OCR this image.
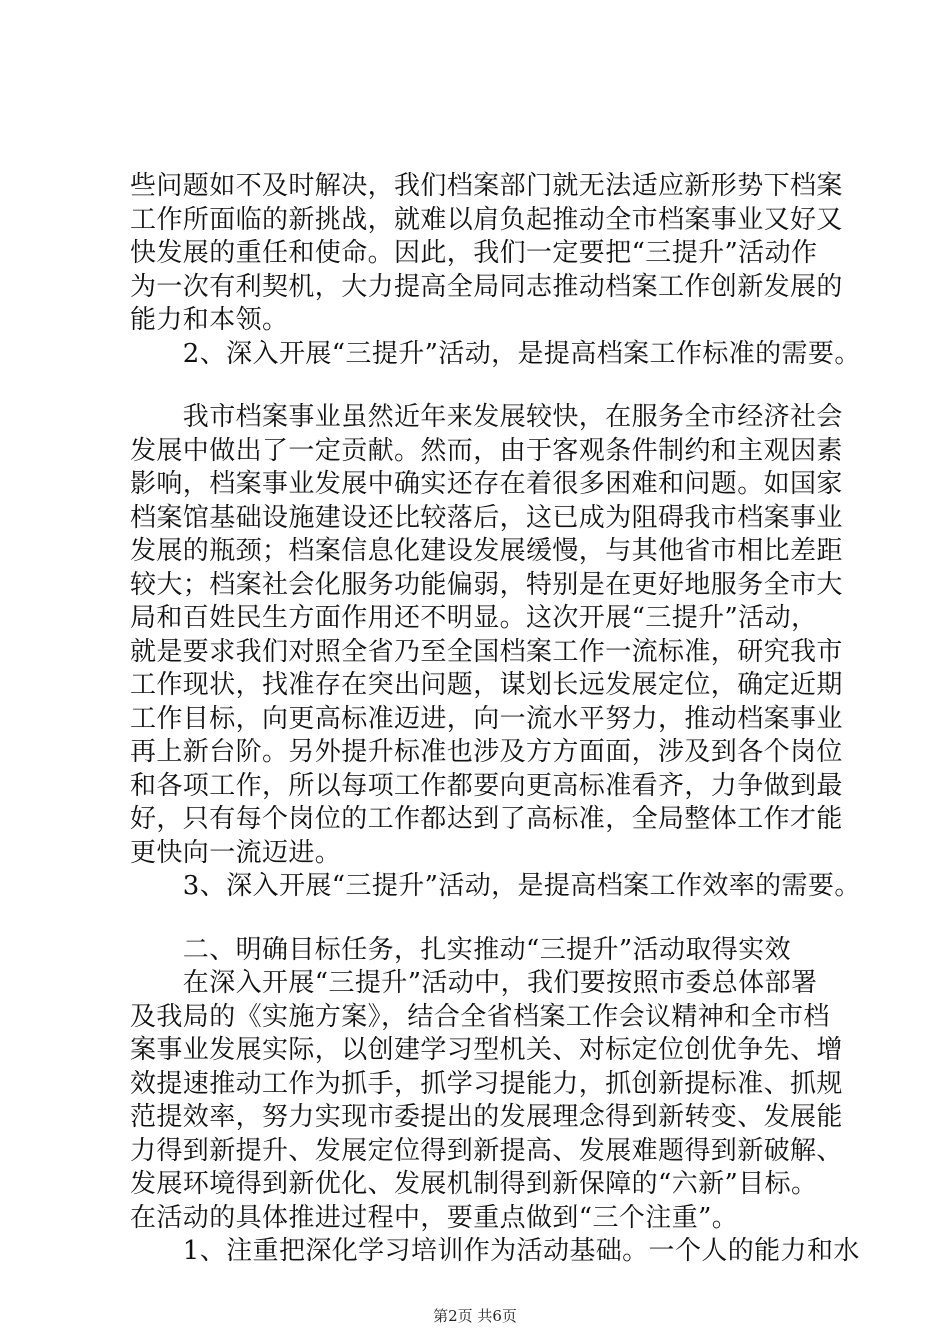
些问题如不及时解决，我们档案部门就无法适应新形势下档案
工作所面临的新挑战，就难以肩负起推动全市档案事业又好又
快发展的重任和使命。因此，我们一定要把“三提升”活动作
为一次有利契机，大力提高全局同志推动档案工作创新发展的
能力和本领。
　　2、深入开展“三提升”活动，是提高档案工作标准的需要。
　　我市档案事业虽然近年来发展较快，在服务全市经济社会
发展中做出了一定贡献。然而，由于客观条件制约和主观因素
影响，档案事业发展中确实还存在着很多困难和问题。如国家
档案馆基础设施建设还比较落后，这已成为阻碍我市档案事业
发展的瓶颈；档案信息化建设发展缓慢，与其他省市相比差距
较大；档案社会化服务功能偏弱，特别是在更好地服务全市大
局和百姓民生方面作用还不明显。这次开展“三提升”活动，
就是要求我们对照全省乃至全国档案工作一流标准，研究我市
工作现状，找准存在突出问题，谋划长远发展定位，确定近期
工作目标，向更高标准迈进，向一流水平努力，推动档案事业
再上新台阶。另外提升标准也涉及方方面面，涉及到各个岗位
和各项工作，所以每项工作都要向更高标准看齐，力争做到最
好，只有每个岗位的工作都达到了高标准，全局整体工作才能
更快向一流迈进。
　　3、深入开展“三提升”活动，是提高档案工作效率的需要。
　　二、明确目标任务，扎实推动“三提升”活动取得实效
　　在深入开展“三提升”活动中，我们要按照市委总体部署
及我局的《实施方案》，结合全省档案工作会议精神和全市档
案事业发展实际，以创建学习型机关、对标定位创优争先、增
效提速推动工作为抓手，抓学习提能力，抓创新提标准、抓规
范提效率，努力实现市委提出的发展理念得到新转变、发展能
力得到新提升、发展定位得到新提高、发展难题得到新破解、
发展环境得到新优化、发展机制得到新保障的“六新”目标。
在活动的具体推进过程中，要重点做到“三个注重”。
　　1、注重把深化学习培训作为活动基础。一个人的能力和水
第2页 共6页
